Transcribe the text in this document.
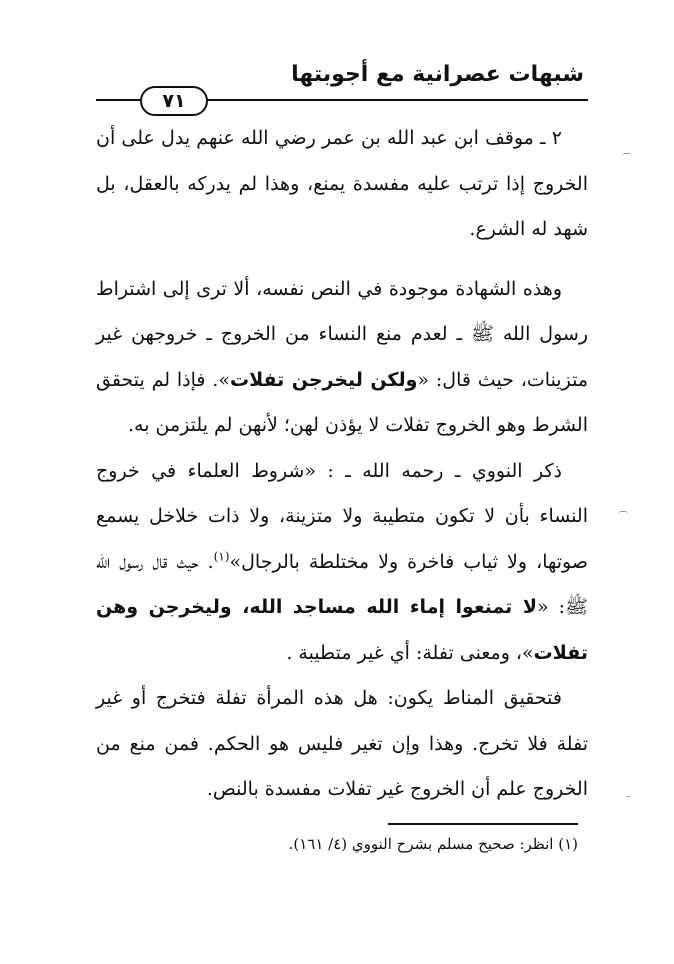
شبهات عصرانية مع أجوبتها
٧١

٢ ـ موقف ابن عبد الله بن عمر رضي الله عنهم يدل على أن الخروج إذا ترتب عليه مفسدة يمنع، وهذا لم يدركه بالعقل، بل شهد له الشرع.

وهذه الشهادة موجودة في النص نفسه، ألا ترى إلى اشتراط رسول الله ﷺ ـ لعدم منع النساء من الخروج ـ خروجهن غير متزينات، حيث قال: «ولكن ليخرجن تفلات». فإذا لم يتحقق الشرط وهو الخروج تفلات لا يؤذن لهن؛ لأنهن لم يلتزمن به.

ذكر النووي ـ رحمه الله ـ : «شروط العلماء في خروج النساء بأن لا تكون متطيبة ولا متزينة، ولا ذات خلاخل يسمع صوتها، ولا ثياب فاخرة ولا مختلطة بالرجال»$^{(١)}$. حيث قال رسول الله ﷺ: «لا تمنعوا إماء الله مساجد الله، وليخرجن وهن تفلات»، ومعنى تفلة: أي غير متطيبة .

فتحقيق المناط يكون: هل هذه المرأة تفلة فتخرج أو غير تفلة فلا تخرج. وهذا وإن تغير فليس هو الحكم. فمن منع من الخروج علم أن الخروج غير تفلات مفسدة بالنص.

(١) انظر: صحيح مسلم بشرح النووي (٤/ ١٦١).
⌒
⌒
⁻
